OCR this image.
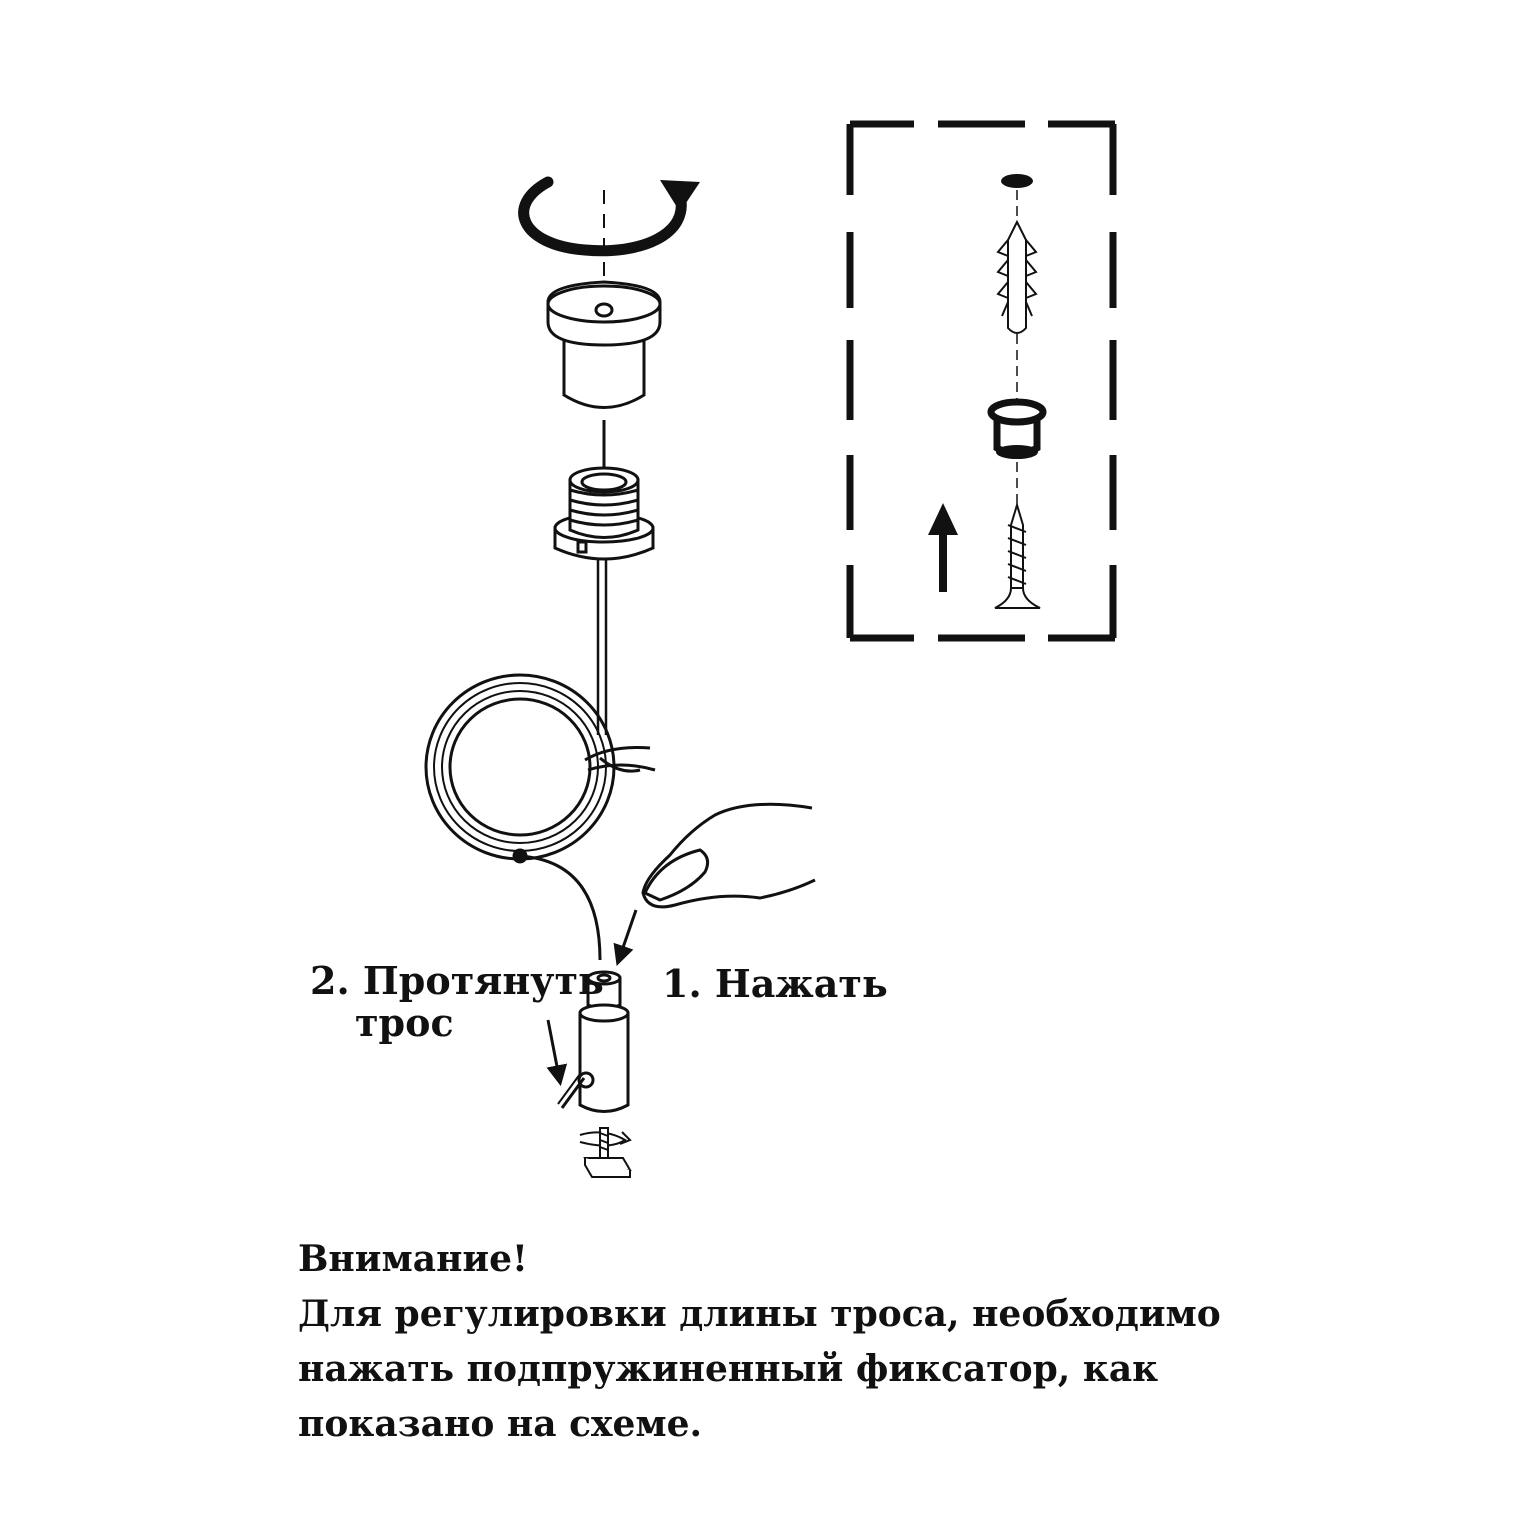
1. Нажать
2. Протянуть
трос
Внимание!
Для регулировки длины троса, необходимо
нажать подпружиненный фиксатор, как
показано на схеме.
